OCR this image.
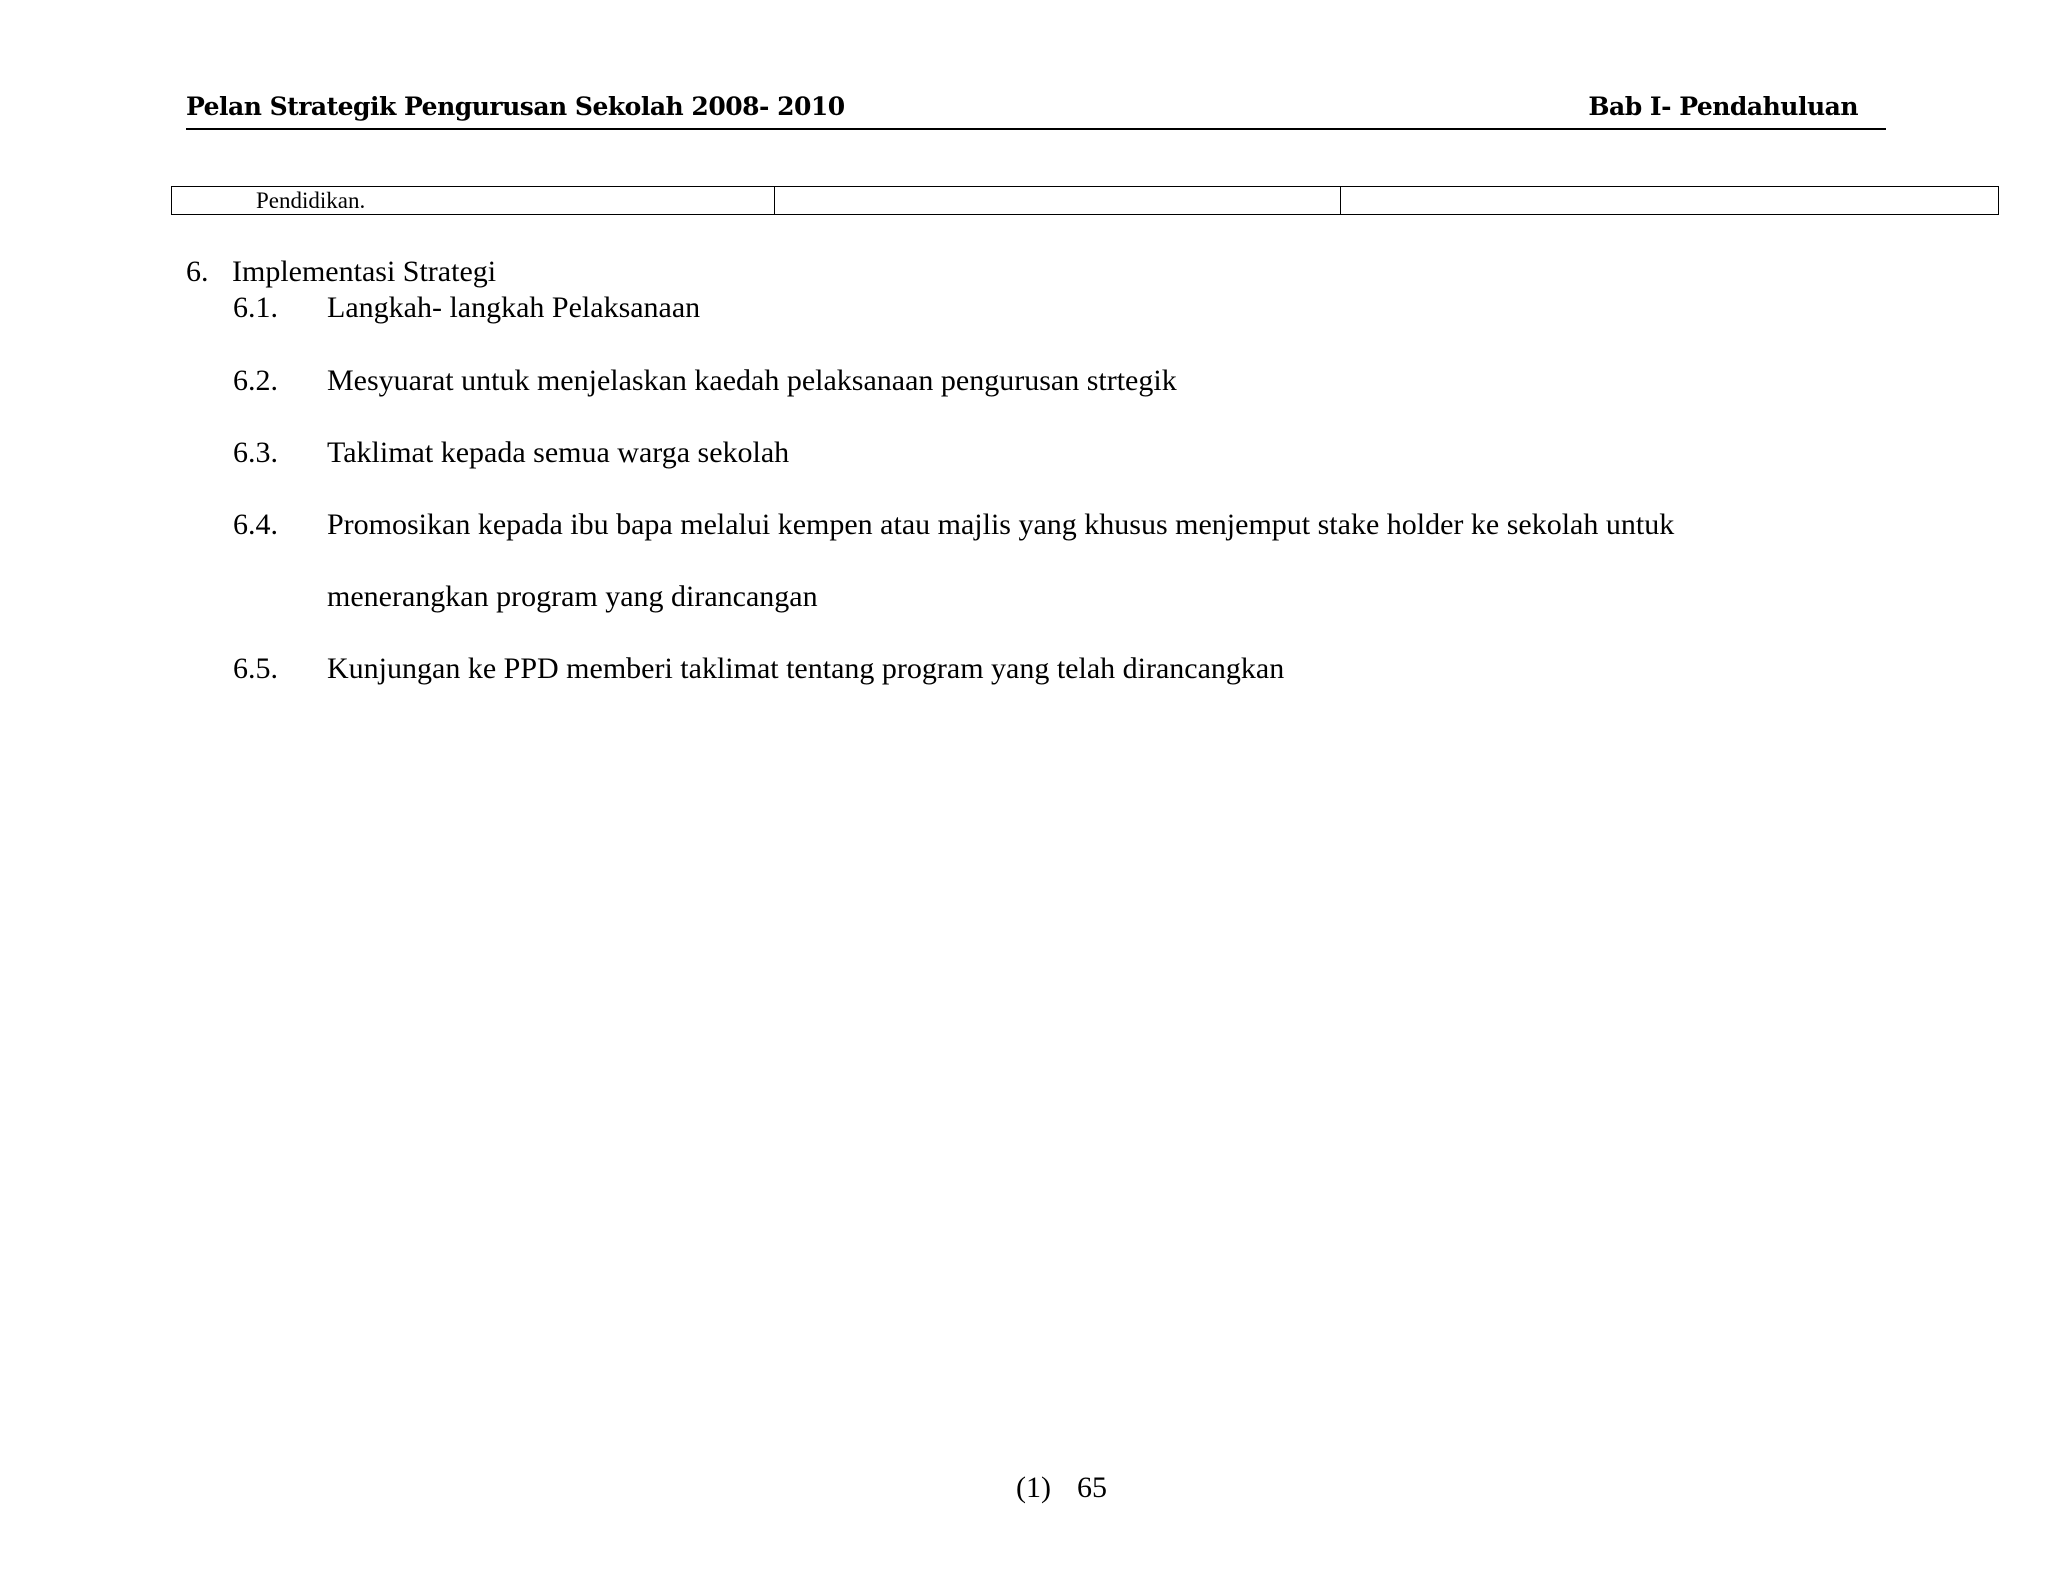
Pelan Strategik Pengurusan Sekolah 2008- 2010	Bab I- Pendahuluan
Pendidikan.		
6. Implementasi Strategi
6.1. Langkah- langkah Pelaksanaan
6.2. Mesyuarat untuk menjelaskan kaedah pelaksanaan pengurusan strtegik
6.3. Taklimat kepada semua warga sekolah
6.4. Promosikan kepada ibu bapa melalui kempen atau majlis yang khusus menjemput stake holder ke sekolah untuk
menerangkan program yang dirancangan
6.5. Kunjungan ke PPD memberi taklimat tentang program yang telah dirancangkan
(1) 65
